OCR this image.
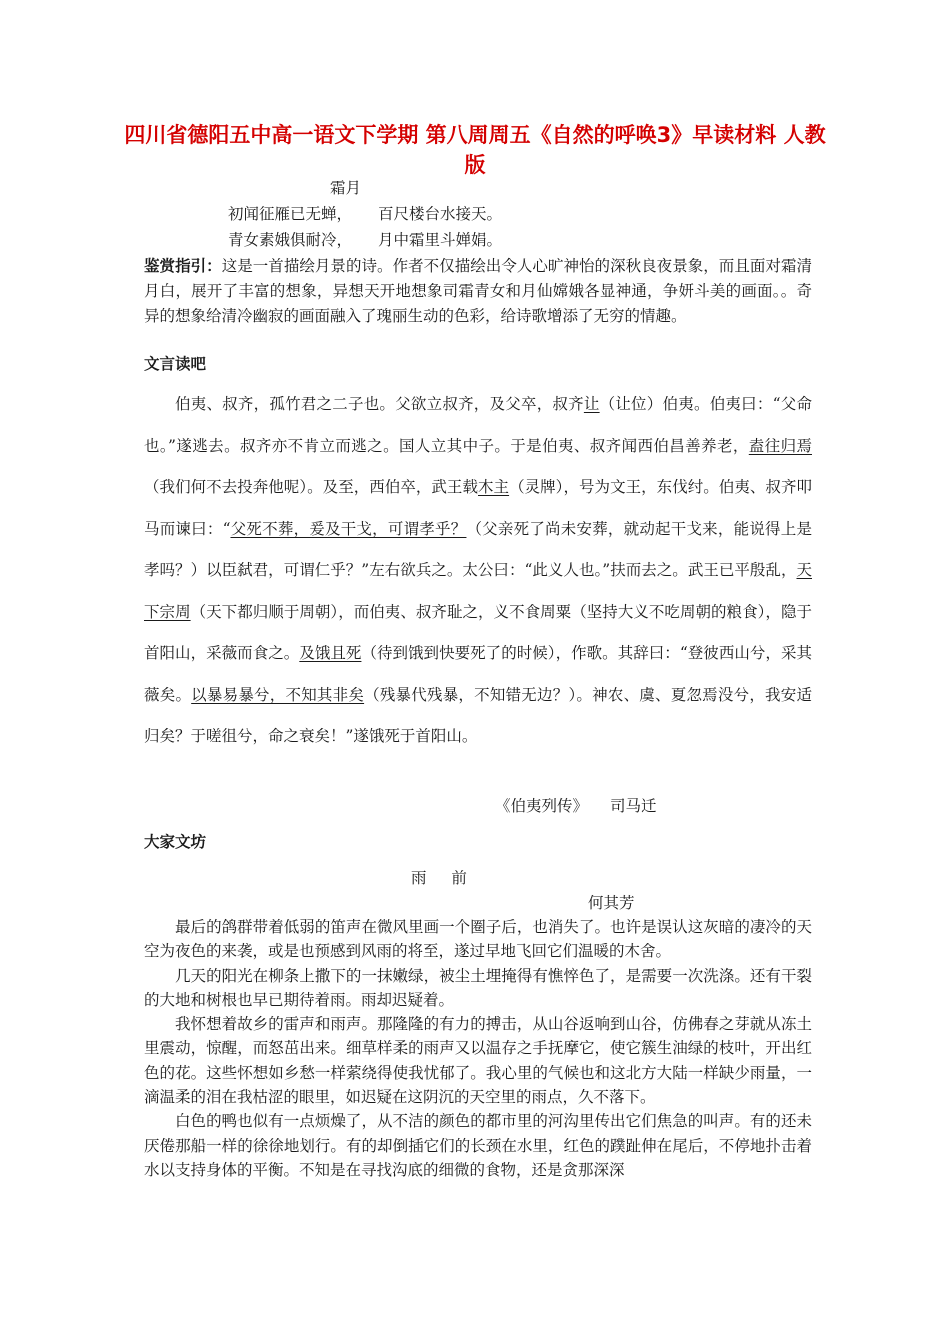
四川省德阳五中高一语文下学期 第八周周五《自然的呼唤3》早读材料 人教版
霜月
初闻征雁已无蝉， 百尺楼台水接天。
青女素娥俱耐冷， 月中霜里斗婵娟。
鉴赏指引：这是一首描绘月景的诗。作者不仅描绘出令人心旷神怡的深秋良夜景象，而且面对霜清 月白，展开了丰富的想象，异想天开地想象司霜青女和月仙嫦娥各显神通，争妍斗美的画面。。奇异的想象给清冷幽寂的画面融入了瑰丽生动的色彩，给诗歌增添了无穷的情趣。
文言读吧
伯夷、叔齐，孤竹君之二子也。父欲立叔齐，及父卒，叔齐让（让位）伯夷。伯夷曰：“父命也。”遂逃去。叔齐亦不肯立而逃之。国人立其中子。于是伯夷、叔齐闻西伯昌善养老，盍往归焉（我们何不去投奔他呢）。及至，西伯卒，武王载木主（灵牌），号为文王，东伐纣。伯夷、叔齐叩马而谏曰：“父死不葬，爰及干戈，可谓孝乎？（父亲死了尚未安葬，就动起干戈来，能说得上是孝吗？）以臣弑君，可谓仁乎？”左右欲兵之。太公曰：“此义人也。”扶而去之。武王已平殷乱，天下宗周（天下都归顺于周朝），而伯夷、叔齐耻之，义不食周粟（坚持大义不吃周朝的粮食），隐于首阳山，采薇而食之。及饿且死（待到饿到快要死了的时候），作歌。其辞曰：“登彼西山兮，采其薇矣。以暴易暴兮，不知其非矣（残暴代残暴，不知错无边？）。神农、虞、夏忽焉没兮，我安适归矣？于嗟徂兮，命之衰矣！”遂饿死于首阳山。
《伯夷列传》 司马迁
大家文坊
雨 前
何其芳

最后的鸽群带着低弱的笛声在微风里画一个圈子后，也消失了。也许是误认这灰暗的凄冷的天空为夜色的来袭，或是也预感到风雨的将至，遂过早地飞回它们温暖的木舍。

几天的阳光在柳条上撒下的一抹嫩绿，被尘土埋掩得有憔悴色了，是需要一次洗涤。还有干裂的大地和树根也早已期待着雨。雨却迟疑着。

我怀想着故乡的雷声和雨声。那隆隆的有力的搏击，从山谷返响到山谷，仿佛春之芽就从冻土里震动，惊醒，而怒茁出来。细草样柔的雨声又以温存之手抚摩它，使它簇生油绿的枝叶，开出红色的花。这些怀想如乡愁一样萦绕得使我忧郁了。我心里的气候也和这北方大陆一样缺少雨量，一滴温柔的泪在我枯涩的眼里，如迟疑在这阴沉的天空里的雨点，久不落下。

白色的鸭也似有一点烦燥了，从不洁的颜色的都市里的河沟里传出它们焦急的叫声。有的还未厌倦那船一样的徐徐地划行。有的却倒插它们的长颈在水里，红色的蹼趾伸在尾后，不停地扑击着水以支持身体的平衡。不知是在寻找沟底的细微的食物，还是贪那深深
